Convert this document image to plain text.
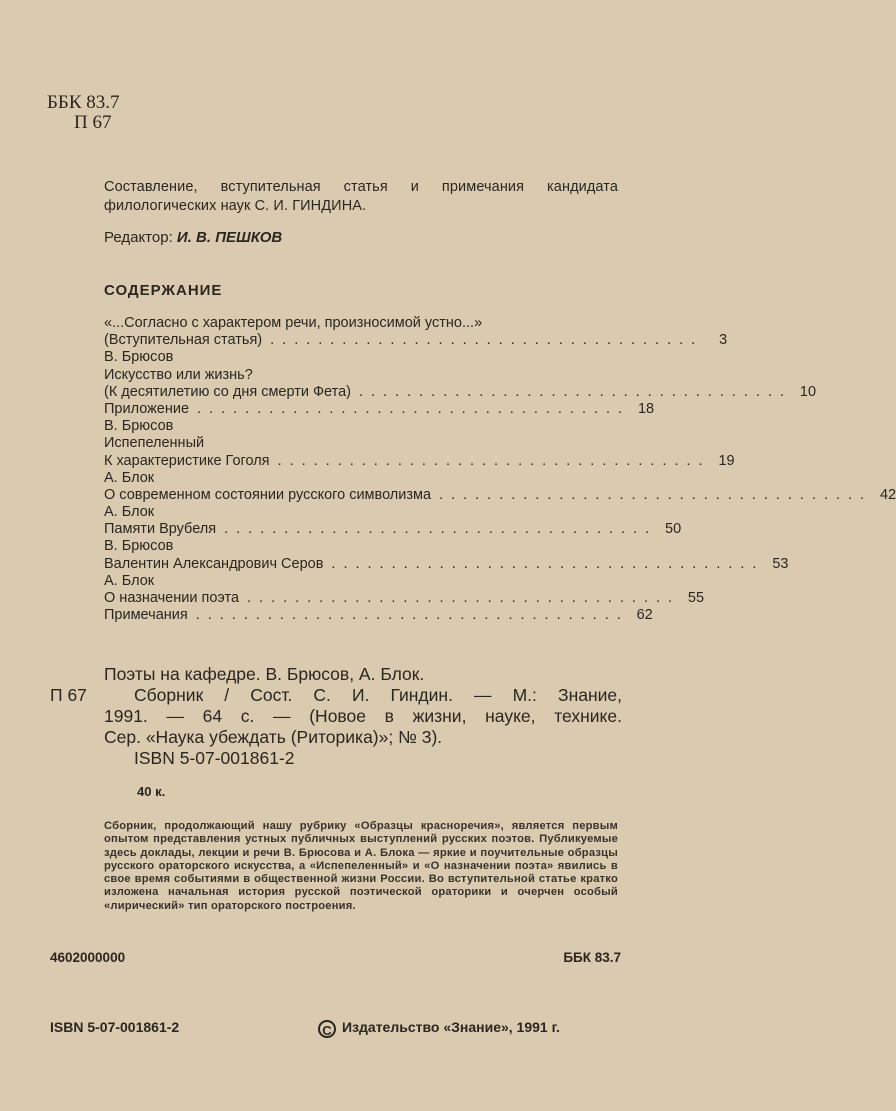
ББК 83.7
П 67
Составление, вступительная статья и примечания кандидата филологических наук С. И. ГИНДИНА.
Редактор: И. В. ПЕШКОВ
СОДЕРЖАНИЕ
«...Согласно с характером речи, произносимой устно...»
(Вступительная статья) ....................................	3
В. Брюсов
Искусство или жизнь?
(К десятилетию со дня смерти Фета) .................................... 10
Приложение .................................... 18
В. Брюсов
Испепеленный
К характеристике Гоголя .................................... 19
А. Блок
О современном состоянии русского символизма .................................... 42
А. Блок
Памяти Врубеля .................................... 50
В. Брюсов
Валентин Александрович Серов .................................... 53
А. Блок
О назначении поэта .................................... 55
Примечания .................................... 62
Поэты на кафедре. В. Брюсов, А. Блок.
П 67	Сборник / Сост. С. И. Гиндин. — М.: Знание,
1991. — 64 с. — (Новое в жизни, науке, технике.
Сер. «Наука убеждать (Риторика)»; № 3).
ISBN 5-07-001861-2
40 к.
Сборник, продолжающий нашу рубрику «Образцы красноречия», является первым опытом представления устных публичных выступлений русских поэтов. Публикуемые здесь доклады, лекции и речи В. Брюсова и А. Блока — яркие и поучительные образцы русского ораторского искусства, а «Испепеленный» и «О назначении поэта» явились в свое время событиями в общественной жизни России. Во вступительной статье кратко изложена начальная история русской поэтической ораторики и очерчен особый «лирический» тип ораторского построения.
4602000000	ББК 83.7
ISBN 5-07-001861-2	C Издательство «Знание», 1991 г.
